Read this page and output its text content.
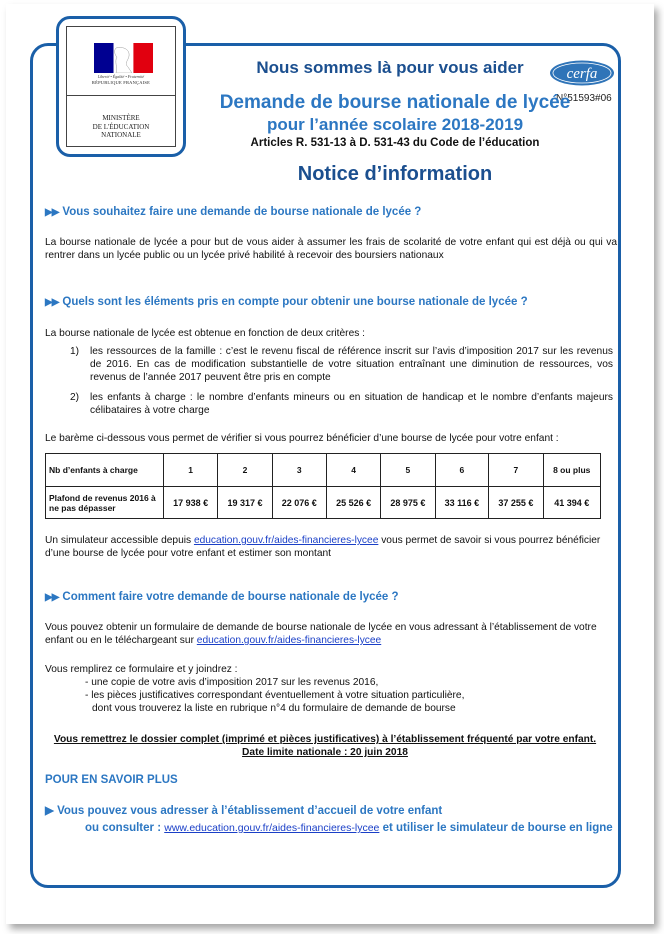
Liberté • Égalité • Fraternité
RÉPUBLIQUE FRANÇAISE
MINISTÈRE
DE L'ÉDUCATION
NATIONALE
cerfa
N°51593#06
Nous sommes là pour vous aider
Demande de bourse nationale de lycée
pour l’année scolaire 2018-2019
Articles R. 531-13 à D. 531-43 du Code de l’éducation
Notice d’information
▶▶ Vous souhaitez faire une demande de bourse nationale de lycée ?
La bourse nationale de lycée a pour but de vous aider à assumer les frais de scolarité de votre enfant qui est déjà ou qui va rentrer dans un lycée public ou un lycée privé habilité à recevoir des boursiers nationaux
▶▶ Quels sont les éléments pris en compte pour obtenir une bourse nationale de lycée ?
La bourse nationale de lycée est obtenue en fonction de deux critères :
1) les ressources de la famille : c’est le revenu fiscal de référence inscrit sur l’avis d’imposition 2017 sur les revenus de 2016. En cas de modification substantielle de votre situation entraînant une diminution de ressources, vos revenus de l’année 2017 peuvent être pris en compte
2) les enfants à charge : le nombre d’enfants mineurs ou en situation de handicap et le nombre d’enfants majeurs célibataires à votre charge
Le barème ci-dessous vous permet de vérifier si vous pourrez bénéficier d’une bourse de lycée pour votre enfant :
Nb d’enfants à charge	1	2	3	4	5	6	7	8 ou plus
Plafond de revenus 2016 à ne pas dépasser	17 938 €	19 317 €	22 076 €	25 526 €	28 975 €	33 116 €	37 255 €	41 394 €
Un simulateur accessible depuis education.gouv.fr/aides-financieres-lycee vous permet de savoir si vous pourrez bénéficier d’une bourse de lycée pour votre enfant et estimer son montant
▶▶ Comment faire votre demande de bourse nationale de lycée ?
Vous pouvez obtenir un formulaire de demande de bourse nationale de lycée en vous adressant à l’établissement de votre enfant ou en le téléchargeant sur education.gouv.fr/aides-financieres-lycee
Vous remplirez ce formulaire et y joindrez :
- une copie de votre avis d’imposition 2017 sur les revenus 2016,
- les pièces justificatives correspondant éventuellement à votre situation particulière,
dont vous trouverez la liste en rubrique n°4 du formulaire de demande de bourse
Vous remettrez le dossier complet (imprimé et pièces justificatives) à l’établissement fréquenté par votre enfant.
Date limite nationale : 20 juin 2018
POUR EN SAVOIR PLUS
▶ Vous pouvez vous adresser à l’établissement d’accueil de votre enfant
ou consulter : www.education.gouv.fr/aides-financieres-lycee et utiliser le simulateur de bourse en ligne
